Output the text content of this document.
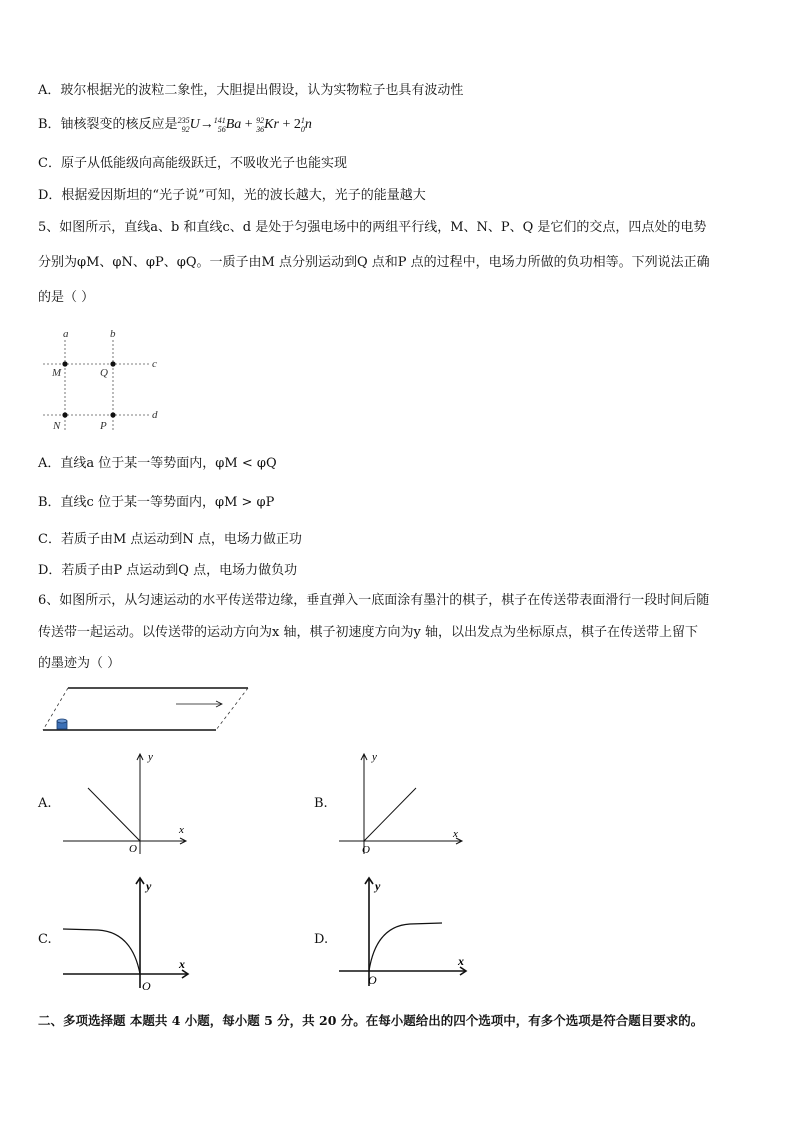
A．玻尔根据光的波粒二象性，大胆提出假设，认为实物粒子也具有波动性
B．铀核裂变的核反应是235
92U→141
56Ba + 92
36Kr + 21
0n
C．原子从低能级向高能级跃迁，不吸收光子也能实现
D．根据爱因斯坦的“光子说”可知，光的波长越大，光子的能量越大
5、如图所示，直线a、b 和直线c、d 是处于匀强电场中的两组平行线，M、N、P、Q 是它们的交点，四点处的电势
分别为φM、φN、φP、φQ。一质子由M 点分别运动到Q 点和P 点的过程中，电场力所做的负功相等。下列说法正确
的是（ ）
a	b
c
d
M	Q
N	P
A．直线a 位于某一等势面内，φM < φQ
B．直线c 位于某一等势面内，φM > φP
C．若质子由M 点运动到N 点，电场力做正功
D．若质子由P 点运动到Q 点，电场力做负功
6、如图所示，从匀速运动的水平传送带边缘，垂直弹入一底面涂有墨汁的棋子，棋子在传送带表面滑行一段时间后随
传送带一起运动。以传送带的运动方向为x 轴，棋子初速度方向为y 轴，以出发点为坐标原点，棋子在传送带上留下
的墨迹为（ ）
A.
y
x
O
B.
y
x
O
C.
y
x
O
D.
y
x
O
二、多项选择题 本题共 4 小题，每小题 5 分，共 20 分。在每小题给出的四个选项中，有多个选项是符合题目要求的。
